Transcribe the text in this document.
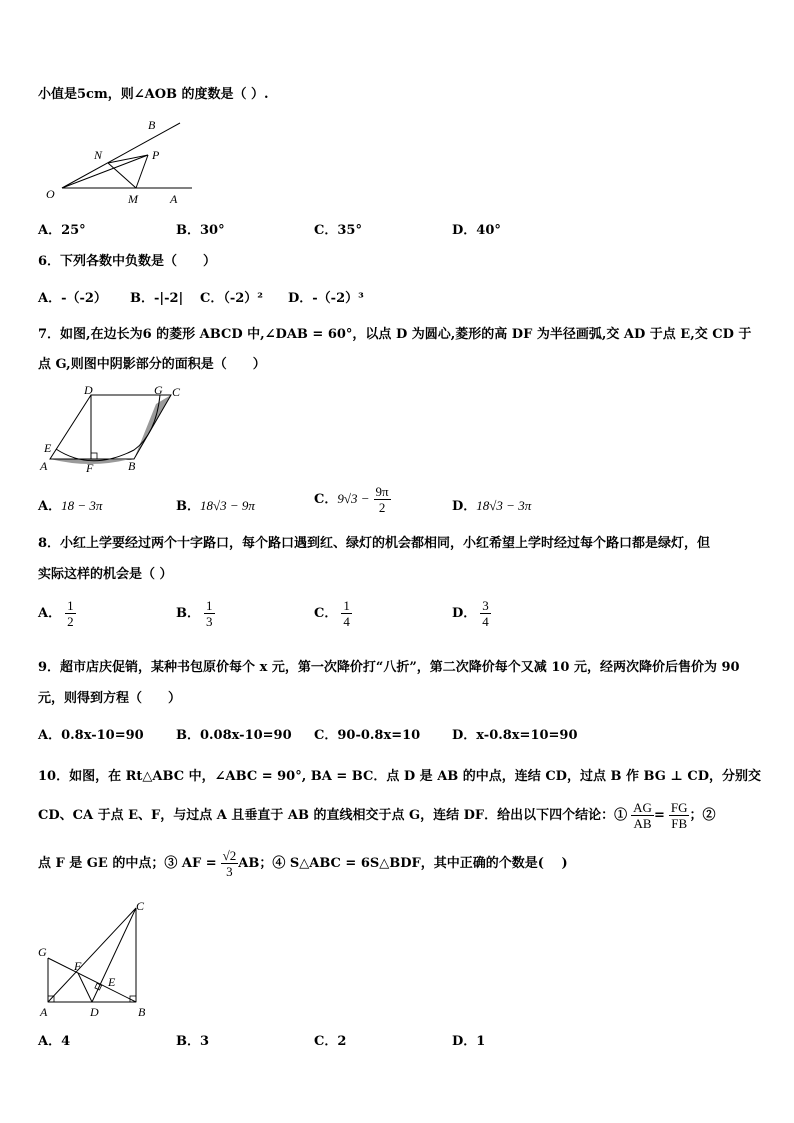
小值是5cm，则∠AOB 的度数是（ ）.
O	A
B
M
N	P
A．25°	B．30°	C．35°	D．40°
6．下列各数中负数是（　　）
A．-（-2） B．-|-2| C．（-2）² D．-（-2）³
7．如图,在边长为6 的菱形 ABCD 中,∠DAB = 60°，以点 D 为圆心,菱形的高 DF 为半径画弧,交 AD 于点 E,交 CD 于
点 G,则图中阴影部分的面积是（　　）
A	B
C
D
E
F
G
A．18 − 3π	B．18√3 − 9π	C．$9√3 - \frac{9\pi}{2}$	D．18√3 − 3π
8．小红上学要经过两个十字路口，每个路口遇到红、绿灯的机会都相同，小红希望上学时经过每个路口都是绿灯，但
实际这样的机会是（ ）
A． $\frac{1}{2}$	B． $\frac{1}{3}$	C． $\frac{1}{4}$	D． $\frac{3}{4}$
9．超市店庆促销，某种书包原价每个 x 元，第一次降价打“八折”，第二次降价每个又减 10 元，经两次降价后售价为 90
元，则得到方程（　　）
A．0.8x-10=90 B．0.08x-10=90 C．90-0.8x=10 D．x-0.8x=10=90
10．如图，在 Rt△ABC 中，∠ABC = 90°, BA = BC．点 D 是 AB 的中点，连结 CD，过点 B 作 BG ⊥ CD，分别交
CD、CA 于点 E、F，与过点 A 且垂直于 AB 的直线相交于点 G，连结 DF．给出以下四个结论：① $\frac{AG}{AB} = \frac{FG}{FB}$ ；②
点 F 是 GE 的中点；③ AF = $\frac{√2}{3}$ AB；④ S△ABC = 6S△BDF，其中正确的个数是(　 )
A	B
C
D
E
F
G
A．4	B．3	C．2	D．1
